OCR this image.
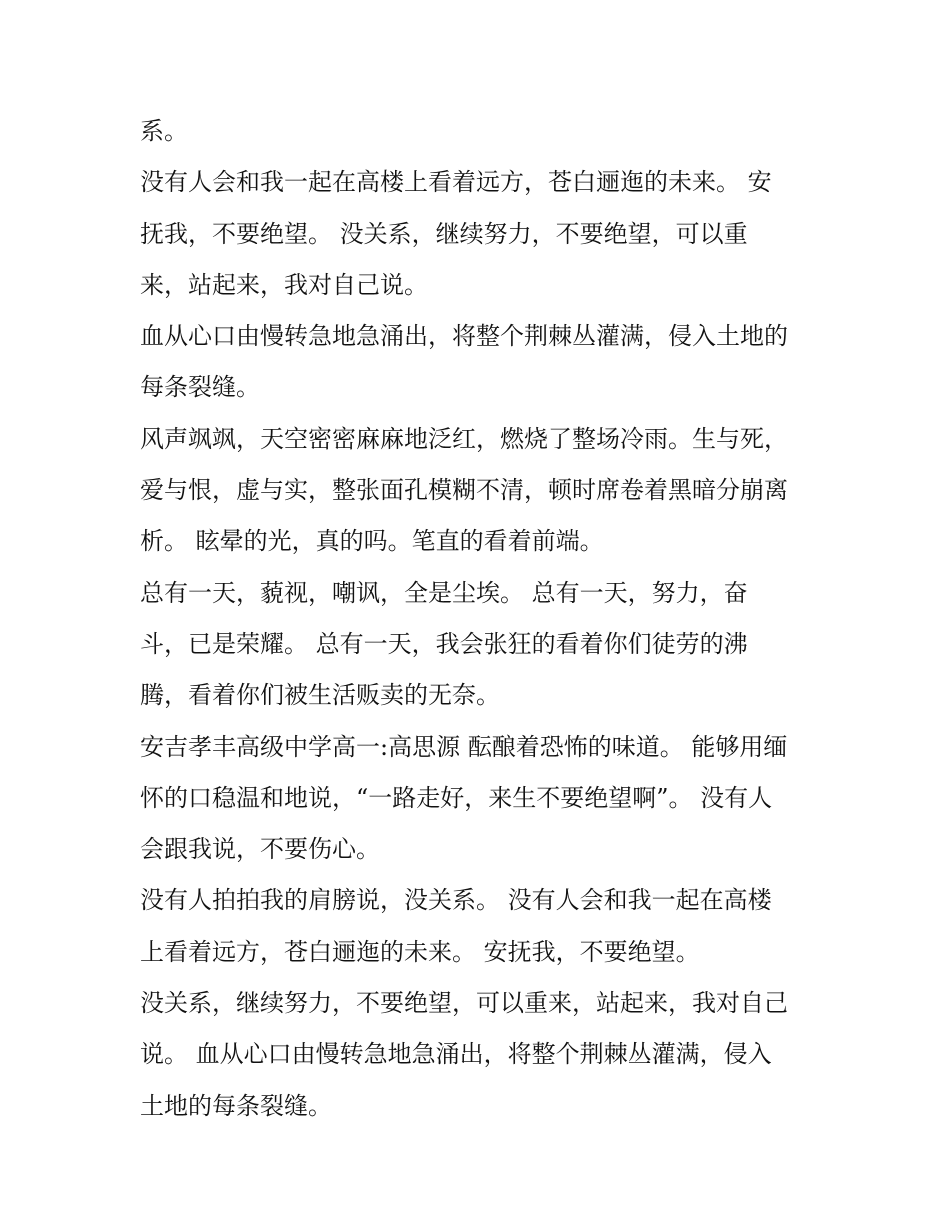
系。
没有人会和我一起在高楼上看着远方，苍白逦迤的未来。 安
抚我，不要绝望。 没关系，继续努力，不要绝望，可以重
来，站起来，我对自己说。
血从心口由慢转急地急涌出，将整个荆棘丛灌满，侵入土地的
每条裂缝。
风声飒飒，天空密密麻麻地泛红，燃烧了整场冷雨。生与死，
爱与恨，虚与实，整张面孔模糊不清，顿时席卷着黑暗分崩离
析。 眩晕的光，真的吗。笔直的看着前端。
总有一天，藐视，嘲讽，全是尘埃。 总有一天，努力，奋
斗，已是荣耀。 总有一天，我会张狂的看着你们徒劳的沸
腾，看着你们被生活贩卖的无奈。
安吉孝丰高级中学高一:高思源 酝酿着恐怖的味道。 能够用缅
怀的口稳温和地说，“一路走好，来生不要绝望啊”。 没有人
会跟我说，不要伤心。
没有人拍拍我的肩膀说，没关系。 没有人会和我一起在高楼
上看着远方，苍白逦迤的未来。 安抚我，不要绝望。
没关系，继续努力，不要绝望，可以重来，站起来，我对自己
说。 血从心口由慢转急地急涌出，将整个荆棘丛灌满，侵入
土地的每条裂缝。
